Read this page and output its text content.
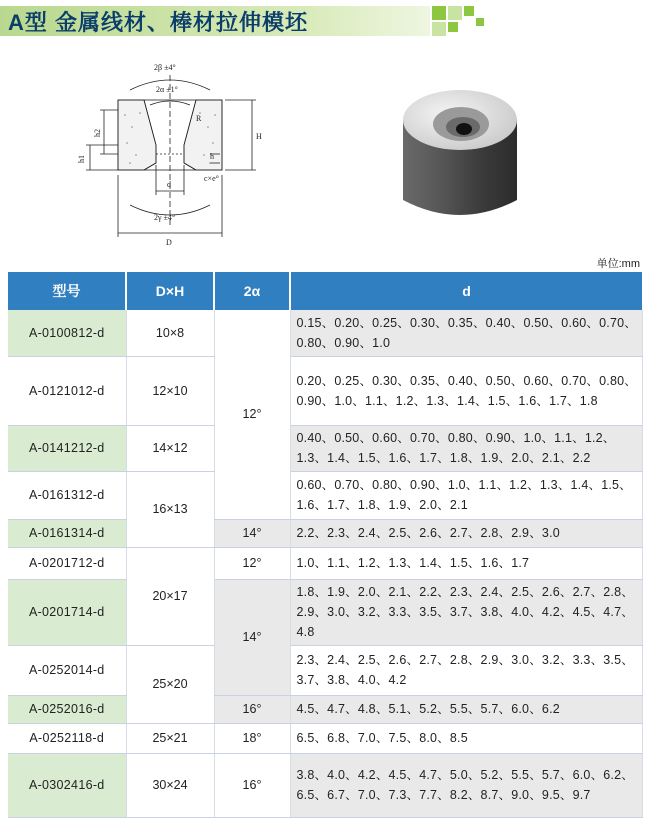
A型 金属线材、棒材拉伸模坯
2β ±4°
2α ±1°
R
h2
h1
H
h
d
c×e°
2γ ±4°
D
单位:mm
型号	D×H	2α	d
A-0100812-d	10×8	12°	0.15、0.20、0.25、0.30、0.35、0.40、0.50、0.60、0.70、0.80、0.90、1.0
A-0121012-d	12×10		0.20、0.25、0.30、0.35、0.40、0.50、0.60、0.70、0.80、0.90、1.0、1.1、1.2、1.3、1.4、1.5、1.6、1.7、1.8
A-0141212-d	14×12		0.40、0.50、0.60、0.70、0.80、0.90、1.0、1.1、1.2、1.3、1.4、1.5、1.6、1.7、1.8、1.9、2.0、2.1、2.2
A-0161312-d	16×13		0.60、0.70、0.80、0.90、1.0、1.1、1.2、1.3、1.4、1.5、1.6、1.7、1.8、1.9、2.0、2.1
A-0161314-d		14°	2.2、2.3、2.4、2.5、2.6、2.7、2.8、2.9、3.0
A-0201712-d	20×17	12°	1.0、1.1、1.2、1.3、1.4、1.5、1.6、1.7
A-0201714-d		14°	1.8、1.9、2.0、2.1、2.2、2.3、2.4、2.5、2.6、2.7、2.8、2.9、3.0、3.2、3.3、3.5、3.7、3.8、4.0、4.2、4.5、4.7、4.8
A-0252014-d	25×20		2.3、2.4、2.5、2.6、2.7、2.8、2.9、3.0、3.2、3.3、3.5、3.7、3.8、4.0、4.2
A-0252016-d		16°	4.5、4.7、4.8、5.1、5.2、5.5、5.7、6.0、6.2
A-0252118-d	25×21	18°	6.5、6.8、7.0、7.5、8.0、8.5
A-0302416-d	30×24	16°	3.8、4.0、4.2、4.5、4.7、5.0、5.2、5.5、5.7、6.0、6.2、6.5、6.7、7.0、7.3、7.7、8.2、8.7、9.0、9.5、9.7
